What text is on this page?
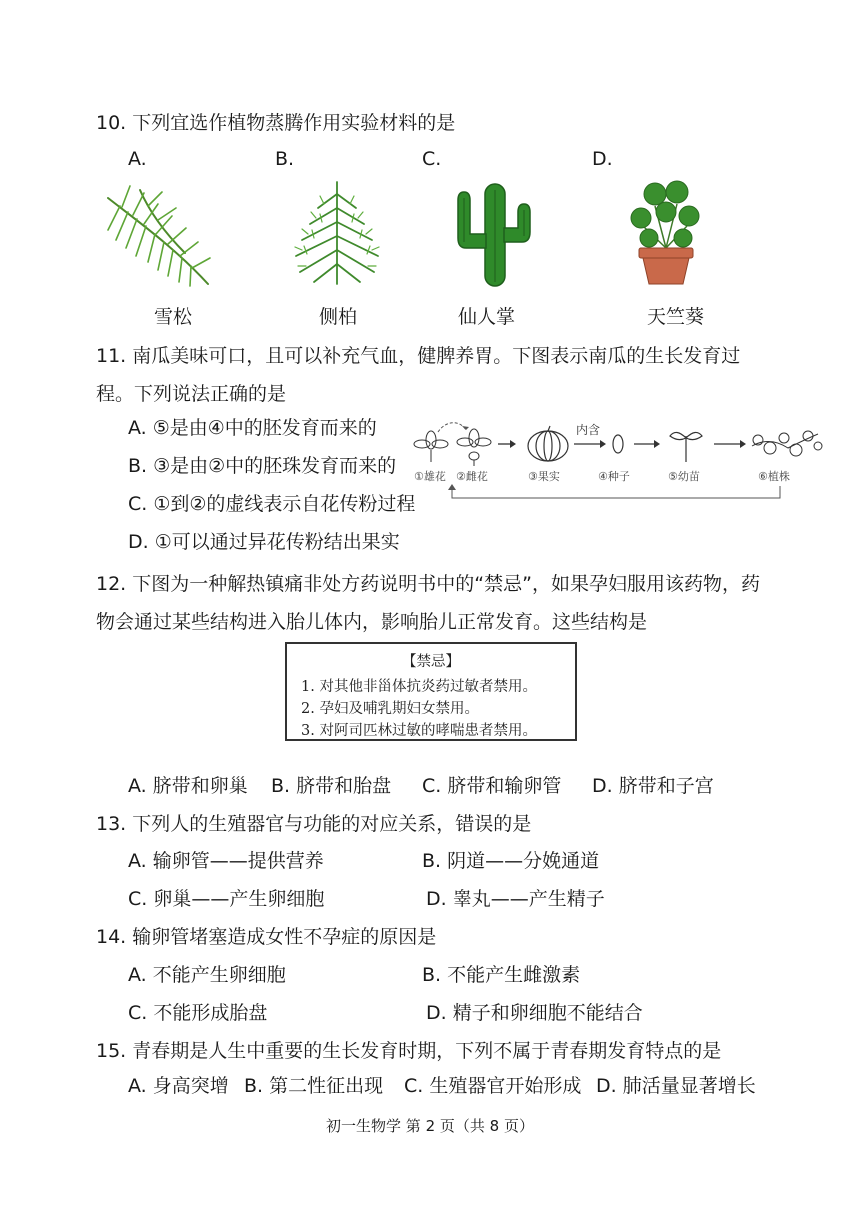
10. 下列宜选作植物蒸腾作用实验材料的是
A.	B.	C.	D.
雪松	侧柏	仙人掌	天竺葵
11. 南瓜美味可口，且可以补充气血，健脾养胃。下图表示南瓜的生长发育过
程。下列说法正确的是
A. ⑤是由④中的胚发育而来的
B. ③是由②中的胚珠发育而来的
C. ①到②的虚线表示自花传粉过程
D. ①可以通过异花传粉结出果实
内含
①雄花 ②雌花	③果实	④种子	⑤幼苗	⑥植株
12. 下图为一种解热镇痛非处方药说明书中的“禁忌”，如果孕妇服用该药物，药
物会通过某些结构进入胎儿体内，影响胎儿正常发育。这些结构是
【禁忌】
1. 对其他非甾体抗炎药过敏者禁用。
2. 孕妇及哺乳期妇女禁用。
3. 对阿司匹林过敏的哮喘患者禁用。
A. 脐带和卵巢 B. 脐带和胎盘 C. 脐带和输卵管 D. 脐带和子宫
13. 下列人的生殖器官与功能的对应关系，错误的是
A. 输卵管——提供营养	B. 阴道——分娩通道
C. 卵巢——产生卵细胞	D. 睾丸——产生精子
14. 输卵管堵塞造成女性不孕症的原因是
A. 不能产生卵细胞	B. 不能产生雌激素
C. 不能形成胎盘	D. 精子和卵细胞不能结合
15. 青春期是人生中重要的生长发育时期，下列不属于青春期发育特点的是
A. 身高突增 B. 第二性征出现 C. 生殖器官开始形成 D. 肺活量显著增长
初一生物学 第 2 页（共 8 页）
